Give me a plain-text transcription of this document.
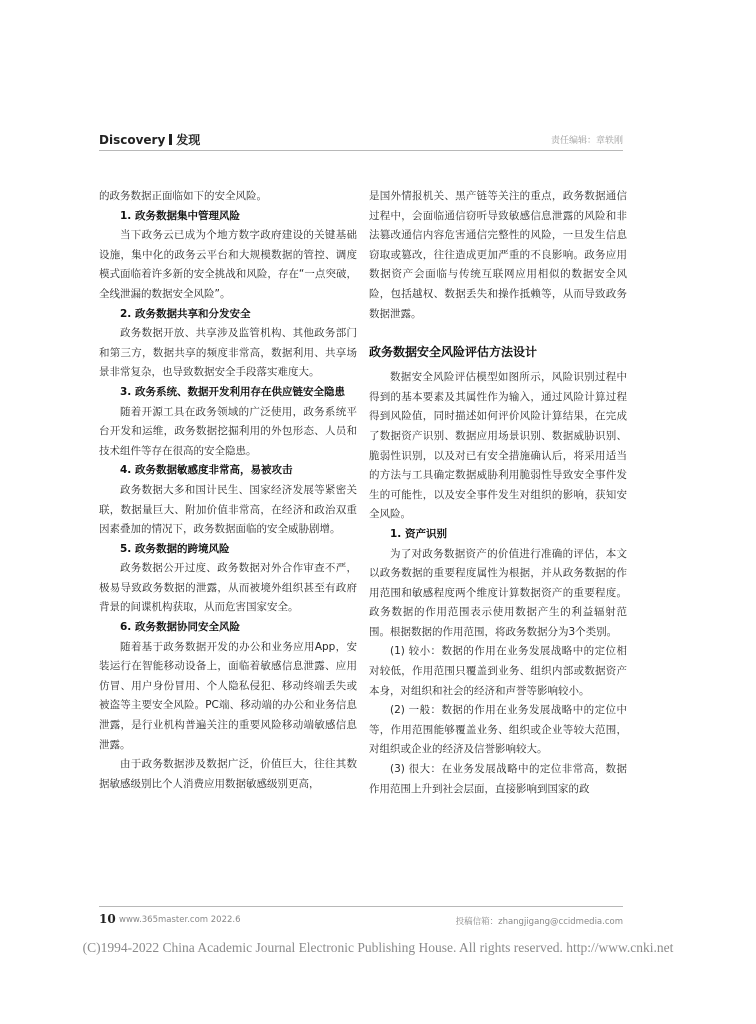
Discovery 发现	责任编辑：章轶刚

的政务数据正面临如下的安全风险。

1. 政务数据集中管理风险

当下政务云已成为个地方数字政府建设的关键基础设施，集中化的政务云平台和大规模数据的管控、调度模式面临着许多新的安全挑战和风险，存在“一点突破，全线泄漏的数据安全风险”。

2. 政务数据共享和分发安全

政务数据开放、共享涉及监管机构、其他政务部门和第三方，数据共享的频度非常高，数据利用、共享场景非常复杂，也导致数据安全手段落实难度大。

3. 政务系统、数据开发利用存在供应链安全隐患

随着开源工具在政务领域的广泛使用，政务系统平台开发和运维，政务数据挖掘利用的外包形态、人员和技术组件等存在很高的安全隐患。

4. 政务数据敏感度非常高，易被攻击

政务数据大多和国计民生、国家经济发展等紧密关联，数据量巨大、附加价值非常高，在经济和政治双重因素叠加的情况下，政务数据面临的安全威胁剧增。

5. 政务数据的跨境风险

政务数据公开过度、政务数据对外合作审查不严，极易导致政务数据的泄露，从而被境外组织甚至有政府背景的间谍机构获取，从而危害国家安全。

6. 政务数据协同安全风险

随着基于政务数据开发的办公和业务应用App，安装运行在智能移动设备上，面临着敏感信息泄露、应用仿冒、用户身份冒用、个人隐私侵犯、移动终端丢失或被盗等主要安全风险。PC端、移动端的办公和业务信息泄露，是行业机构普遍关注的重要风险移动端敏感信息泄露。

由于政务数据涉及数据广泛，价值巨大，往往其数据敏感级别比个人消费应用数据敏感级别更高，

是国外情报机关、黑产链等关注的重点，政务数据通信过程中，会面临通信窃听导致敏感信息泄露的风险和非法篡改通信内容危害通信完整性的风险，一旦发生信息窃取或篡改，往往造成更加严重的不良影响。政务应用数据资产会面临与传统互联网应用相似的数据安全风险，包括越权、数据丢失和操作抵赖等，从而导致政务数据泄露。

政务数据安全风险评估方法设计

数据安全风险评估模型如图所示，风险识别过程中得到的基本要素及其属性作为输入，通过风险计算过程得到风险值，同时描述如何评价风险计算结果，在完成了数据资产识别、数据应用场景识别、数据威胁识别、脆弱性识别，以及对已有安全措施确认后，将采用适当的方法与工具确定数据威胁利用脆弱性导致安全事件发生的可能性，以及安全事件发生对组织的影响，获知安全风险。

1. 资产识别

为了对政务数据资产的价值进行准确的评估，本文以政务数据的重要程度属性为根据，并从政务数据的作用范围和敏感程度两个维度计算数据资产的重要程度。政务数据的作用范围表示使用数据产生的利益辐射范围。根据数据的作用范围，将政务数据分为3个类别。

(1) 较小：数据的作用在业务发展战略中的定位相对较低，作用范围只覆盖到业务、组织内部或数据资产本身，对组织和社会的经济和声誉等影响较小。

(2) 一般：数据的作用在业务发展战略中的定位中等，作用范围能够覆盖业务、组织或企业等较大范围，对组织或企业的经济及信誉影响较大。

(3) 很大：在业务发展战略中的定位非常高，数据作用范围上升到社会层面，直接影响到国家的政

10 www.365master.com 2022.6	投稿信箱：zhangjigang@ccidmedia.com
(C)1994-2022 China Academic Journal Electronic Publishing House. All rights reserved. http://www.cnki.net
